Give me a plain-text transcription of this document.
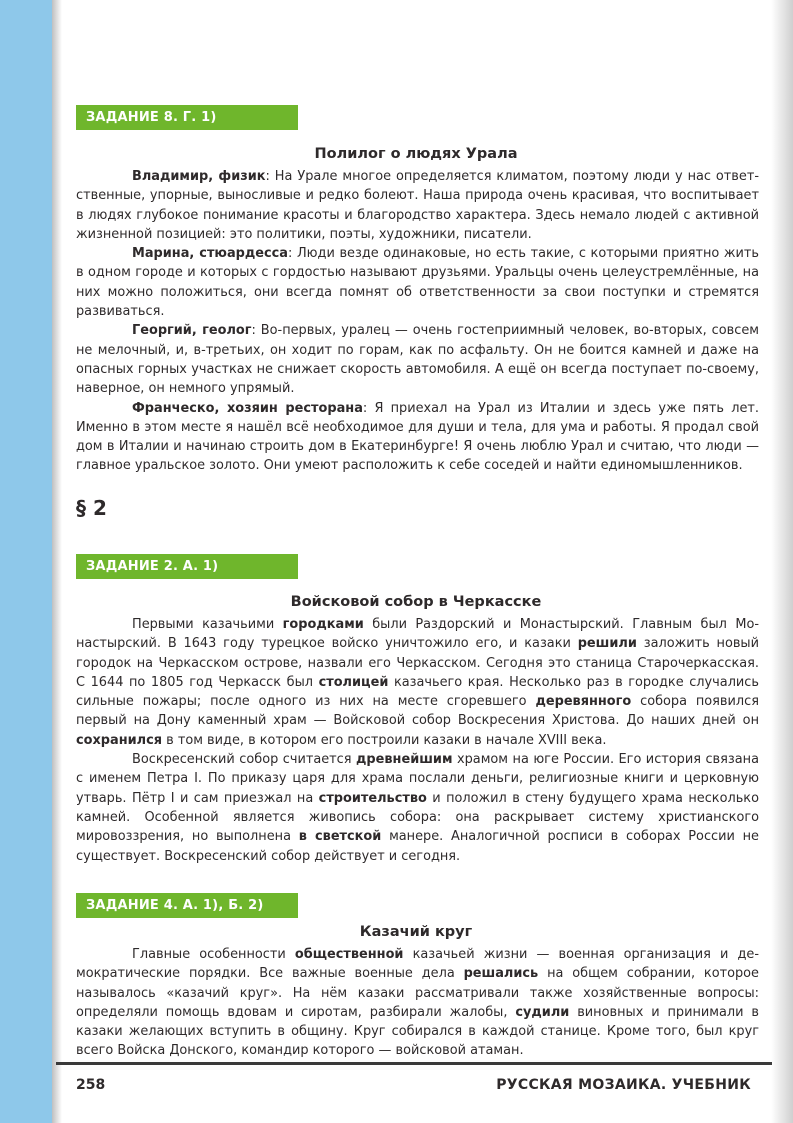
ЗАДАНИЕ 8. Г. 1)
Полилог о людях Урала

Владимир, физик: На Урале многое определяется климатом, поэтому люди у нас ответственные, упорные, выносливые и редко болеют. Наша природа очень красивая, что воспитывает в людях глубокое понимание красоты и благородство характера. Здесь немало людей с активной жизненной позицией: это политики, поэты, художники, писатели.

Марина, стюардесса: Люди везде одинаковые, но есть такие, с которыми приятно жить в одном городе и которых с гордостью называют друзьями. Уральцы очень целеустремлённые, на них можно положиться, они всегда помнят об ответственности за свои поступки и стремятся развиваться.

Георгий, геолог: Во-первых, уралец — очень гостеприимный человек, во-вторых, совсем не мелочный, и, в-третьих, он ходит по горам, как по асфальту. Он не боится камней и даже на опасных горных участках не снижает скорость автомобиля. А ещё он всегда поступает по-своему, наверное, он немного упрямый.

Франческо, хозяин ресторана: Я приехал на Урал из Италии и здесь уже пять лет. Именно в этом месте я нашёл всё необходимое для души и тела, для ума и работы. Я продал свой дом в Италии и начинаю строить дом в Екатеринбурге! Я очень люблю Урал и считаю, что люди — главное уральское золото. Они умеют расположить к себе соседей и найти единомышленников.

§ 2
ЗАДАНИЕ 2. А. 1)
Войсковой собор в Черкасске

Первыми казачьими городками были Раздорский и Монастырский. Главным был Монастырский. В 1643 году турецкое войско уничтожило его, и казаки решили заложить новый городок на Черкасском острове, назвали его Черкасском. Сегодня это станица Старочеркасская. С 1644 по 1805 год Черкасск был столицей казачьего края. Несколько раз в городке случались сильные пожары; после одного из них на месте сгоревшего деревянного собора появился первый на Дону каменный храм — Войсковой собор Воскресения Христова. До наших дней он сохранился в том виде, в котором его построили казаки в начале XVIII века.

Воскресенский собор считается древнейшим храмом на юге России. Его история связана с именем Петра I. По приказу царя для храма послали деньги, религиозные книги и церковную утварь. Пётр I и сам приезжал на строительство и положил в стену будущего храма несколько камней. Особенной является живопись собора: она раскрывает систему христианского мировоззрения, но выполнена в светской манере. Аналогичной росписи в соборах России не существует. Воскресенский собор действует и сегодня.

ЗАДАНИЕ 4. А. 1), Б. 2)
Казачий круг

Главные особенности общественной казачьей жизни — военная организация и демократические порядки. Все важные военные дела решались на общем собрании, которое называлось «казачий круг». На нём казаки рассматривали также хозяйственные вопросы: определяли помощь вдовам и сиротам, разбирали жалобы, судили виновных и принимали в казаки желающих вступить в общину. Круг собирался в каждой станице. Кроме того, был круг всего Войска Донского, командир которого — войсковой атаман.

258	РУССКАЯ МОЗАИКА. УЧЕБНИК
